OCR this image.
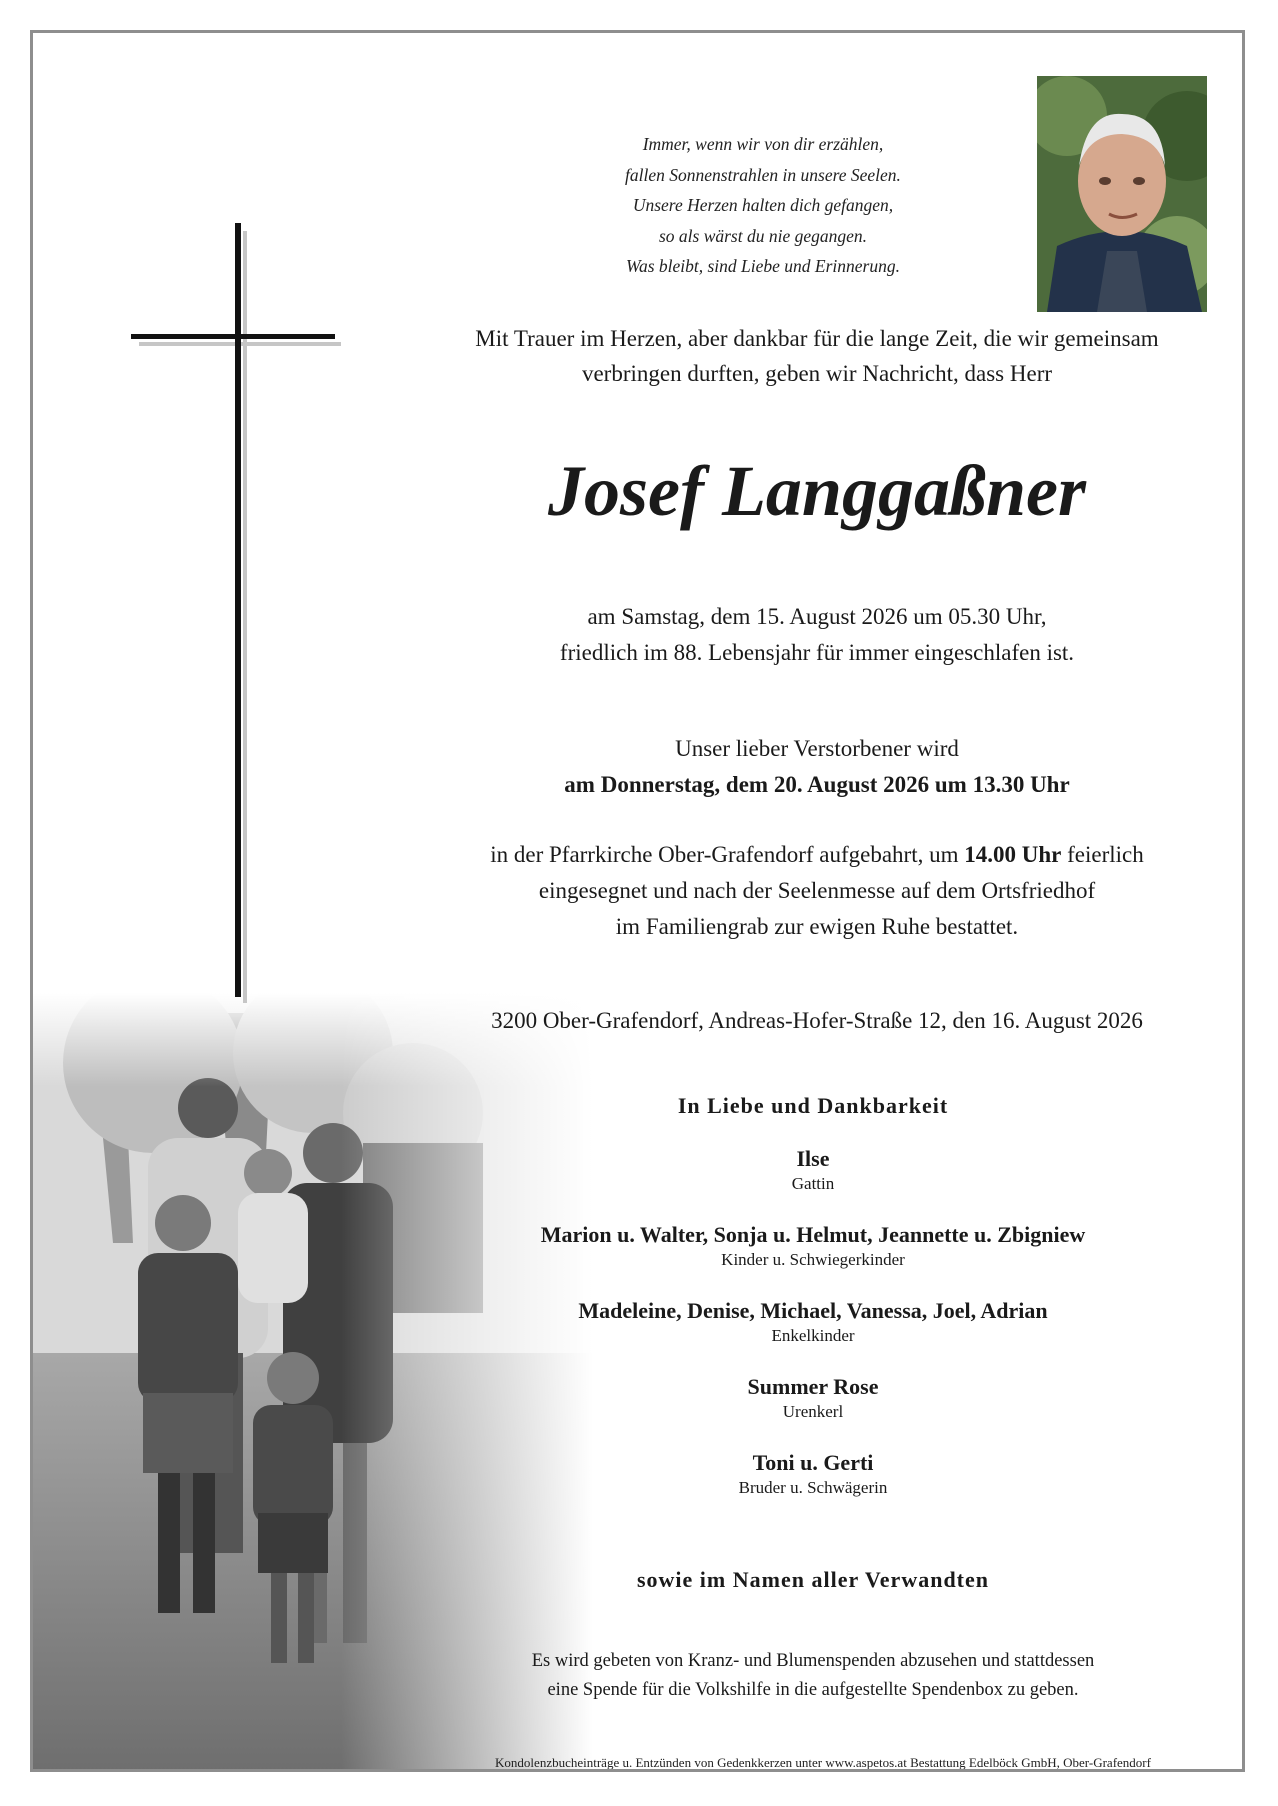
Immer, wenn wir von dir erzählen,
fallen Sonnenstrahlen in unsere Seelen.
Unsere Herzen halten dich gefangen,
so als wärst du nie gegangen.
Was bleibt, sind Liebe und Erinnerung.
Mit Trauer im Herzen, aber dankbar für die lange Zeit, die wir gemeinsam
verbringen durften, geben wir Nachricht, dass Herr
Josef Langgaßner
am Samstag, dem 15. August 2026 um 05.30 Uhr,
friedlich im 88. Lebensjahr für immer eingeschlafen ist.
Unser lieber Verstorbener wird
am Donnerstag, dem 20. August 2026 um 13.30 Uhr
in der Pfarrkirche Ober-Grafendorf aufgebahrt, um 14.00 Uhr feierlich
eingesegnet und nach der Seelenmesse auf dem Ortsfriedhof
im Familiengrab zur ewigen Ruhe bestattet.
3200 Ober-Grafendorf, Andreas-Hofer-Straße 12, den 16. August 2026
In Liebe und Dankbarkeit
Ilse
Gattin
Marion u. Walter, Sonja u. Helmut, Jeannette u. Zbigniew
Kinder u. Schwiegerkinder
Madeleine, Denise, Michael, Vanessa, Joel, Adrian
Enkelkinder
Summer Rose
Urenkerl
Toni u. Gerti
Bruder u. Schwägerin
sowie im Namen aller Verwandten
Es wird gebeten von Kranz- und Blumenspenden abzusehen und stattdessen
eine Spende für die Volkshilfe in die aufgestellte Spendenbox zu geben.
Kondolenzbucheinträge u. Entzünden von Gedenkkerzen unter www.aspetos.at Bestattung Edelböck GmbH, Ober-Grafendorf
